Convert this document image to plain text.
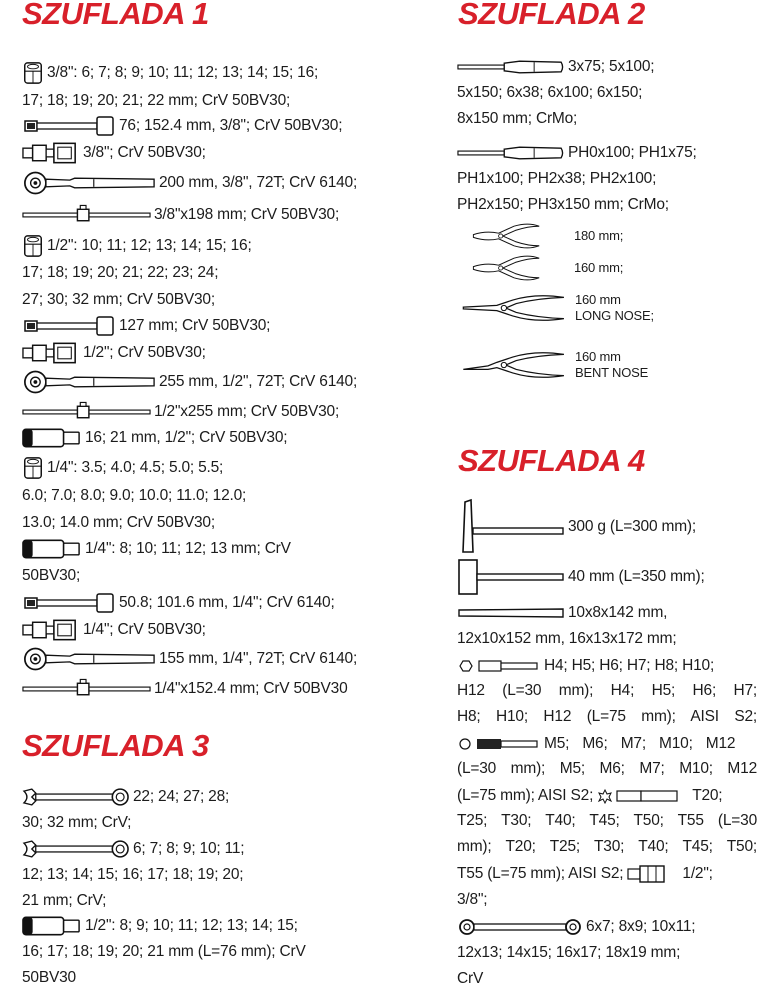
SZUFLADA 1
3/8": 6; 7; 8; 9; 10; 11; 12; 13; 14; 15; 16;
17; 18; 19; 20; 21; 22 mm; CrV 50BV30;
76; 152.4 mm, 3/8"; CrV 50BV30;
3/8"; CrV 50BV30;
200 mm, 3/8", 72T; CrV 6140;
3/8"x198 mm; CrV 50BV30;
1/2": 10; 11; 12; 13; 14; 15; 16;
17; 18; 19; 20; 21; 22; 23; 24;
27; 30; 32 mm; CrV 50BV30;
127 mm; CrV 50BV30;
1/2"; CrV 50BV30;
255 mm, 1/2", 72T; CrV 6140;
1/2"x255 mm; CrV 50BV30;
16; 21 mm, 1/2"; CrV 50BV30;
1/4": 3.5; 4.0; 4.5; 5.0; 5.5;
6.0; 7.0; 8.0; 9.0; 10.0; 11.0; 12.0;
13.0; 14.0 mm; CrV 50BV30;
1/4": 8; 10; 11; 12; 13 mm; CrV
50BV30;
50.8; 101.6 mm, 1/4"; CrV 6140;
1/4"; CrV 50BV30;
155 mm, 1/4", 72T; CrV 6140;
1/4"x152.4 mm; CrV 50BV30
SZUFLADA 3
22; 24; 27; 28;
30; 32 mm; CrV;
6; 7; 8; 9; 10; 11;
12; 13; 14; 15; 16; 17; 18; 19; 20;
21 mm; CrV;
1/2": 8; 9; 10; 11; 12; 13; 14; 15;
16; 17; 18; 19; 20; 21 mm (L=76 mm); CrV
50BV30
SZUFLADA 2
3x75; 5x100;
5x150; 6x38; 6x100; 6x150;
8x150 mm; CrMo;
PH0x100; PH1x75;
PH1x100; PH2x38; PH2x100;
PH2x150; PH3x150 mm; CrMo;
180 mm;
160 mm;
160 mm
LONG NOSE;
160 mm
BENT NOSE
SZUFLADA 4
300 g (L=300 mm);
40 mm (L=350 mm);
10x8x142 mm,
12x10x152 mm, 16x13x172 mm;
H4; H5; H6; H7; H8; H10;
H12 (L=30 mm); H4; H5; H6; H7;
H8; H10; H12 (L=75 mm); AISI S2;
M5; M6; M7; M10; M12
(L=30 mm); M5; M6; M7; M10; M12
(L=75 mm); AISI S2;	T20;
T25; T30; T40; T45; T50; T55 (L=30
mm); T20; T25; T30; T40; T45; T50;
T55 (L=75 mm); AISI S2;	1/2";
3/8";
6x7; 8x9; 10x11;
12x13; 14x15; 16x17; 18x19 mm;
CrV
